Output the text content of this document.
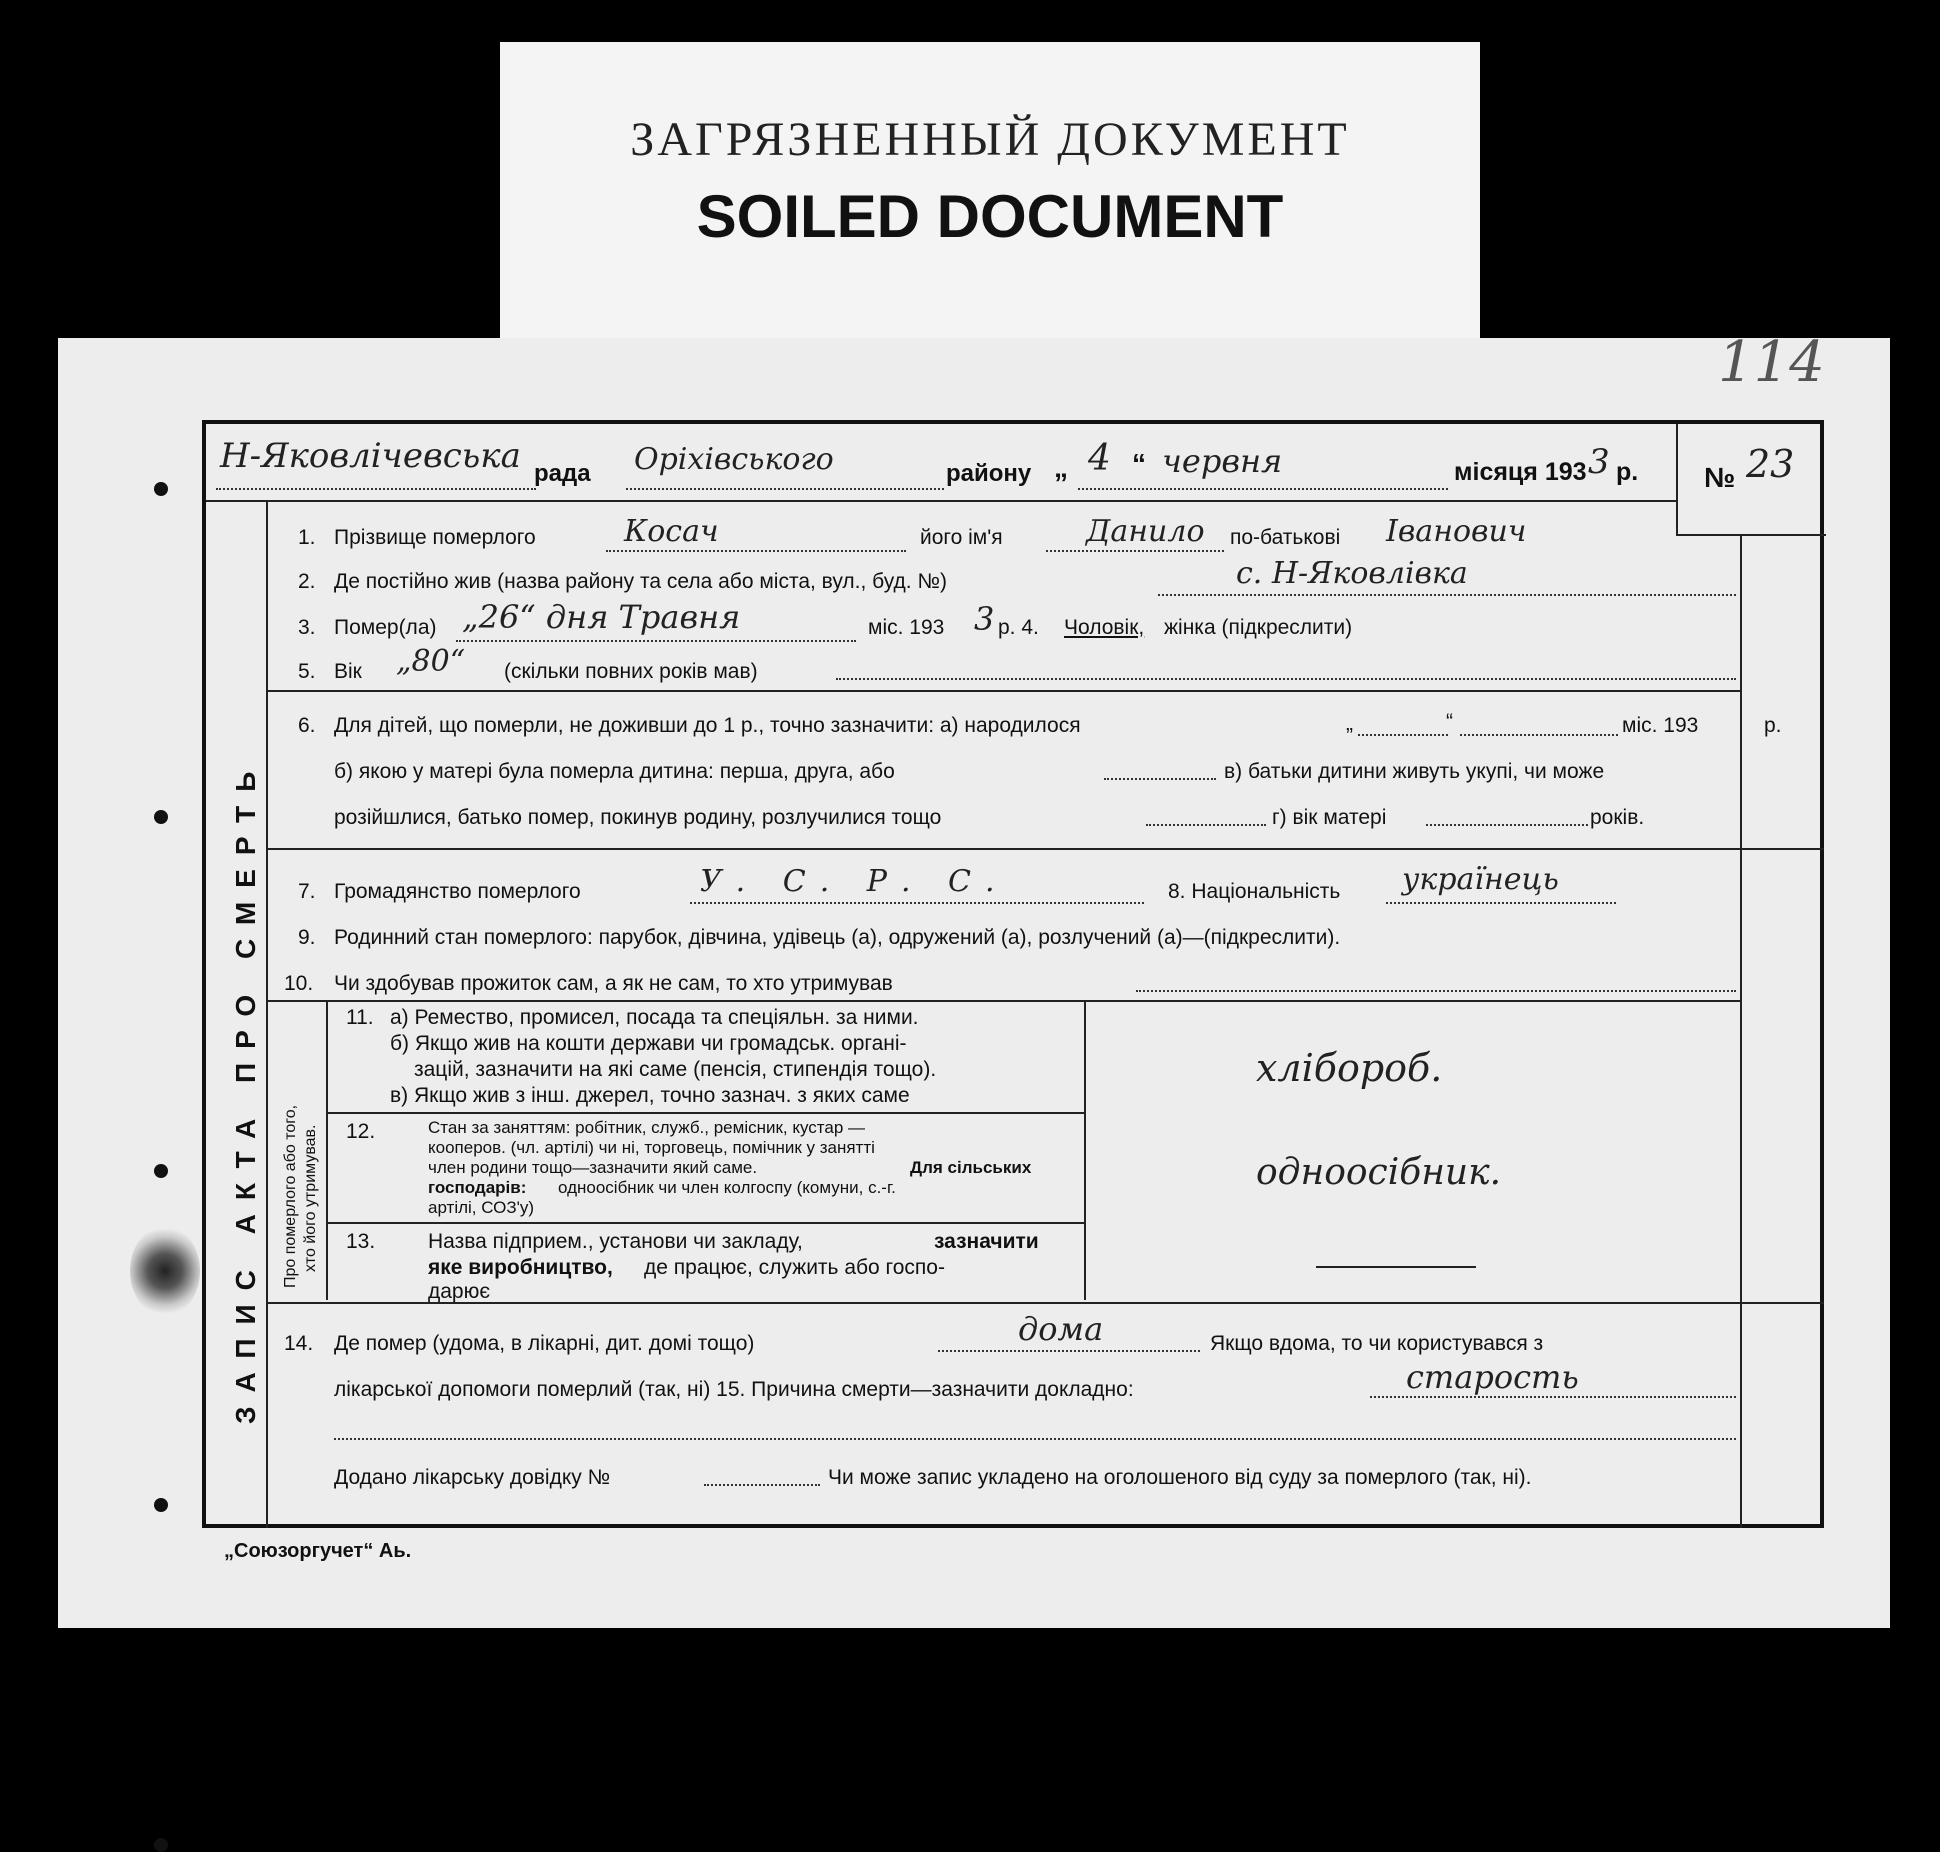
ЗАГРЯЗНЕННЫЙ ДОКУМЕНТ
SOILED DOCUMENT
114
Н-Яковлічевська рада Оріхівського	району „ 4 “ червня	місяця 193 3 р. № 23
ЗАПИС АКТА ПРО СМЕРТЬ
1. Прізвище померлого	Косач	його ім'я	Данило по-батькові Іванович
2. Де постійно жив (назва району та села або міста, вул., буд. №)	с. Н-Яковлівка
3. Помер(ла) „26“ дня Травня	міс. 193 3 р. 4. Чоловік, жінка (підкреслити)
5. Вік „80“ (скільки повних років мав)
6. Для дітей, що померли, не доживши до 1 р., точно зазначити: а) народилося	„	“	міс. 193	р.
б) якою у матері була померла дитина: перша, друга, або	в) батьки дитини живуть укупі, чи може
розійшлися, батько помер, покинув родину, розлучилися тощо	г) вік матері	років.
7. Громадянство померлого	У. С. Р. С.	8. Національність українець
9. Родинний стан померлого: парубок, дівчина, удівець (а), одружений (а), розлучений (а)—(підкреслити).
10. Чи здобував прожиток сам, а як не сам, то хто утримував
Про померлого або того, хто його утримував.
11. а) Ремество, промисел, посада та спеціяльн. за ними.
б) Якщо жив на кошти держави чи громадськ. органі-
зацій, зазначити на які саме (пенсія, стипендія тощо).
в) Якщо жив з інш. джерел, точно зазнач. з яких саме
хлібороб.
12.	Стан за заняттям: робітник, служб., ремісник, кустар —
кооперов. (чл. артілі) чи ні, торговець, помічник у занятті
член родини тощо—зазначити який саме.	Для сільських
господарів: одноосібник чи член колгоспу (комуни, с.-г.
артілі, СОЗ'у)
одноосібник.
13.	Назва підприем., установи чи закладу,	зазначити
яке виробництво, де працює, служить або госпо-
дарює
14. Де помер (удома, в лікарні, дит. домі тощо)	дома	Якщо вдома, то чи користувався з
лікарської допомоги померлий (так, ні) 15. Причина смерти—зазначити докладно:	старость
Додано лікарську довідку №	Чи може запис укладено на оголошеного від суду за померлого (так, ні).
„Союзоргучет“ Аь.
